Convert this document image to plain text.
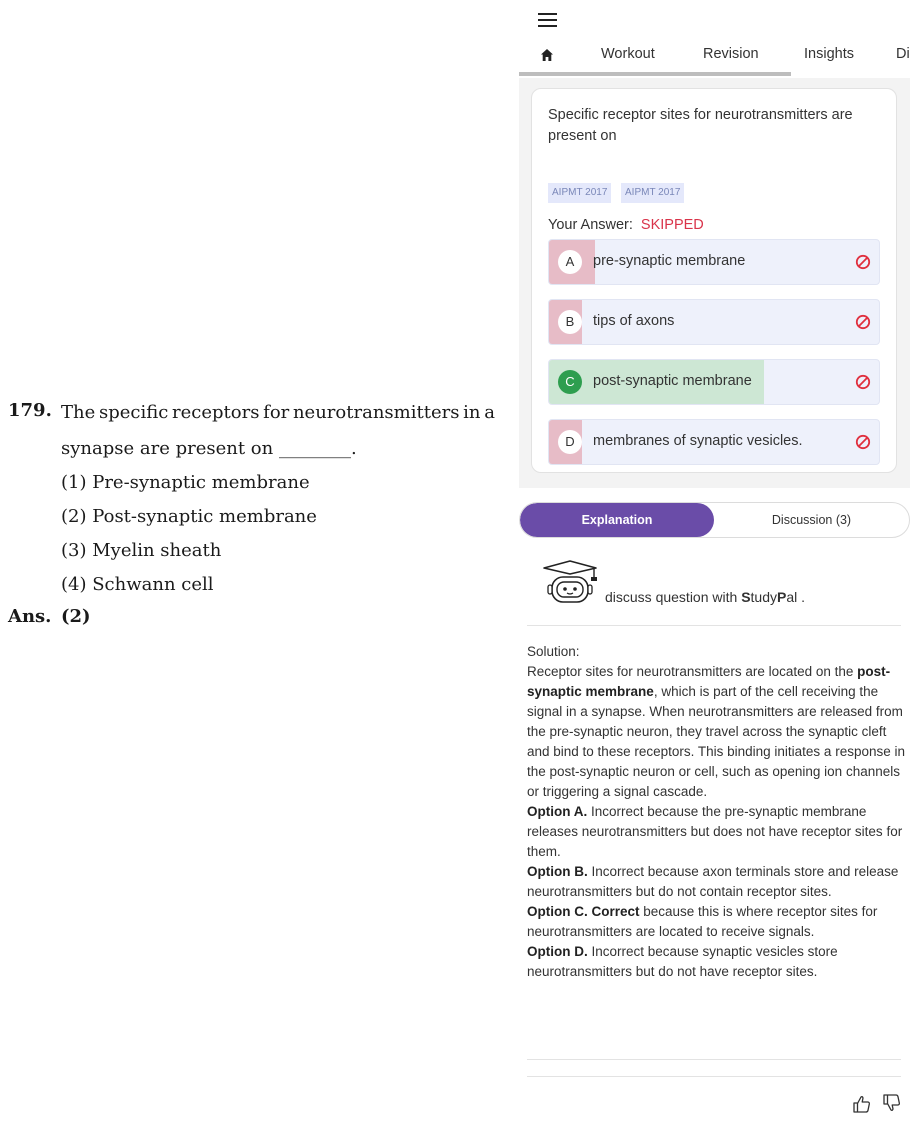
179. The specific receptors for neurotransmitters in a
synapse are present on ________.
(1) Pre-synaptic membrane
(2) Post-synaptic membrane
(3) Myelin sheath
(4) Schwann cell
Ans. (2)
Workout	Revision	Insights	Di
Specific receptor sites for neurotransmitters are present on
AIPMT 2017	AIPMT 2017
Your Answer: SKIPPED
A	pre-synaptic membrane
B	tips of axons
C	post-synaptic membrane
D	membranes of synaptic vesicles.
Explanation	Discussion (3)
discuss question with StudyPal .

Solution:

Receptor sites for neurotransmitters are located on the post-synaptic membrane, which is part of the cell receiving the signal in a synapse. When neurotransmitters are released from the pre-synaptic neuron, they travel across the synaptic cleft and bind to these receptors. This binding initiates a response in the post-synaptic neuron or cell, such as opening ion channels or triggering a signal cascade.

Option A. Incorrect because the pre-synaptic membrane releases neurotransmitters but does not have receptor sites for them.

Option B. Incorrect because axon terminals store and release neurotransmitters but do not contain receptor sites.

Option C. Correct because this is where receptor sites for neurotransmitters are located to receive signals.

Option D. Incorrect because synaptic vesicles store neurotransmitters but do not have receptor sites.
